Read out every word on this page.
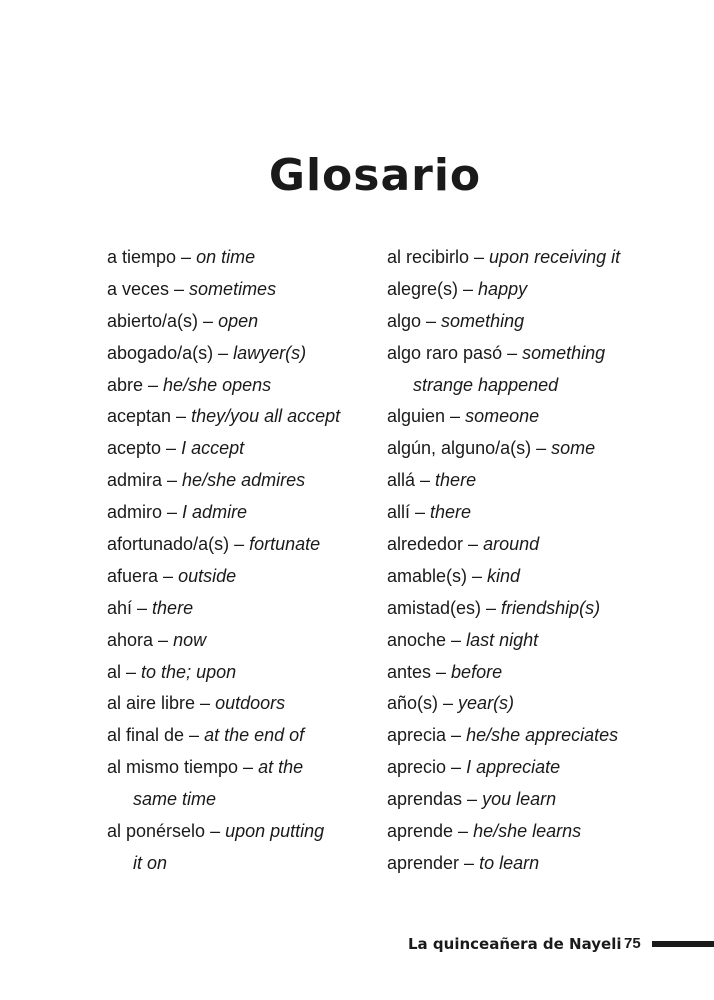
Glosario
a tiempo – on time
a veces – sometimes
abierto/a(s) – open
abogado/a(s) – lawyer(s)
abre – he/she opens
aceptan – they/you all accept
acepto – I accept
admira – he/she admires
admiro – I admire
afortunado/a(s) – fortunate
afuera – outside
ahí – there
ahora – now
al – to the; upon
al aire libre – outdoors
al final de – at the end of
al mismo tiempo – at the
same time
al ponérselo – upon putting
it on
al recibirlo – upon receiving it
alegre(s) – happy
algo – something
algo raro pasó – something
strange happened
alguien – someone
algún, alguno/a(s) – some
allá – there
allí – there
alrededor – around
amable(s) – kind
amistad(es) – friendship(s)
anoche – last night
antes – before
año(s) – year(s)
aprecia – he/she appreciates
aprecio – I appreciate
aprendas – you learn
aprende – he/she learns
aprender – to learn
La quinceañera de Nayeli 75
